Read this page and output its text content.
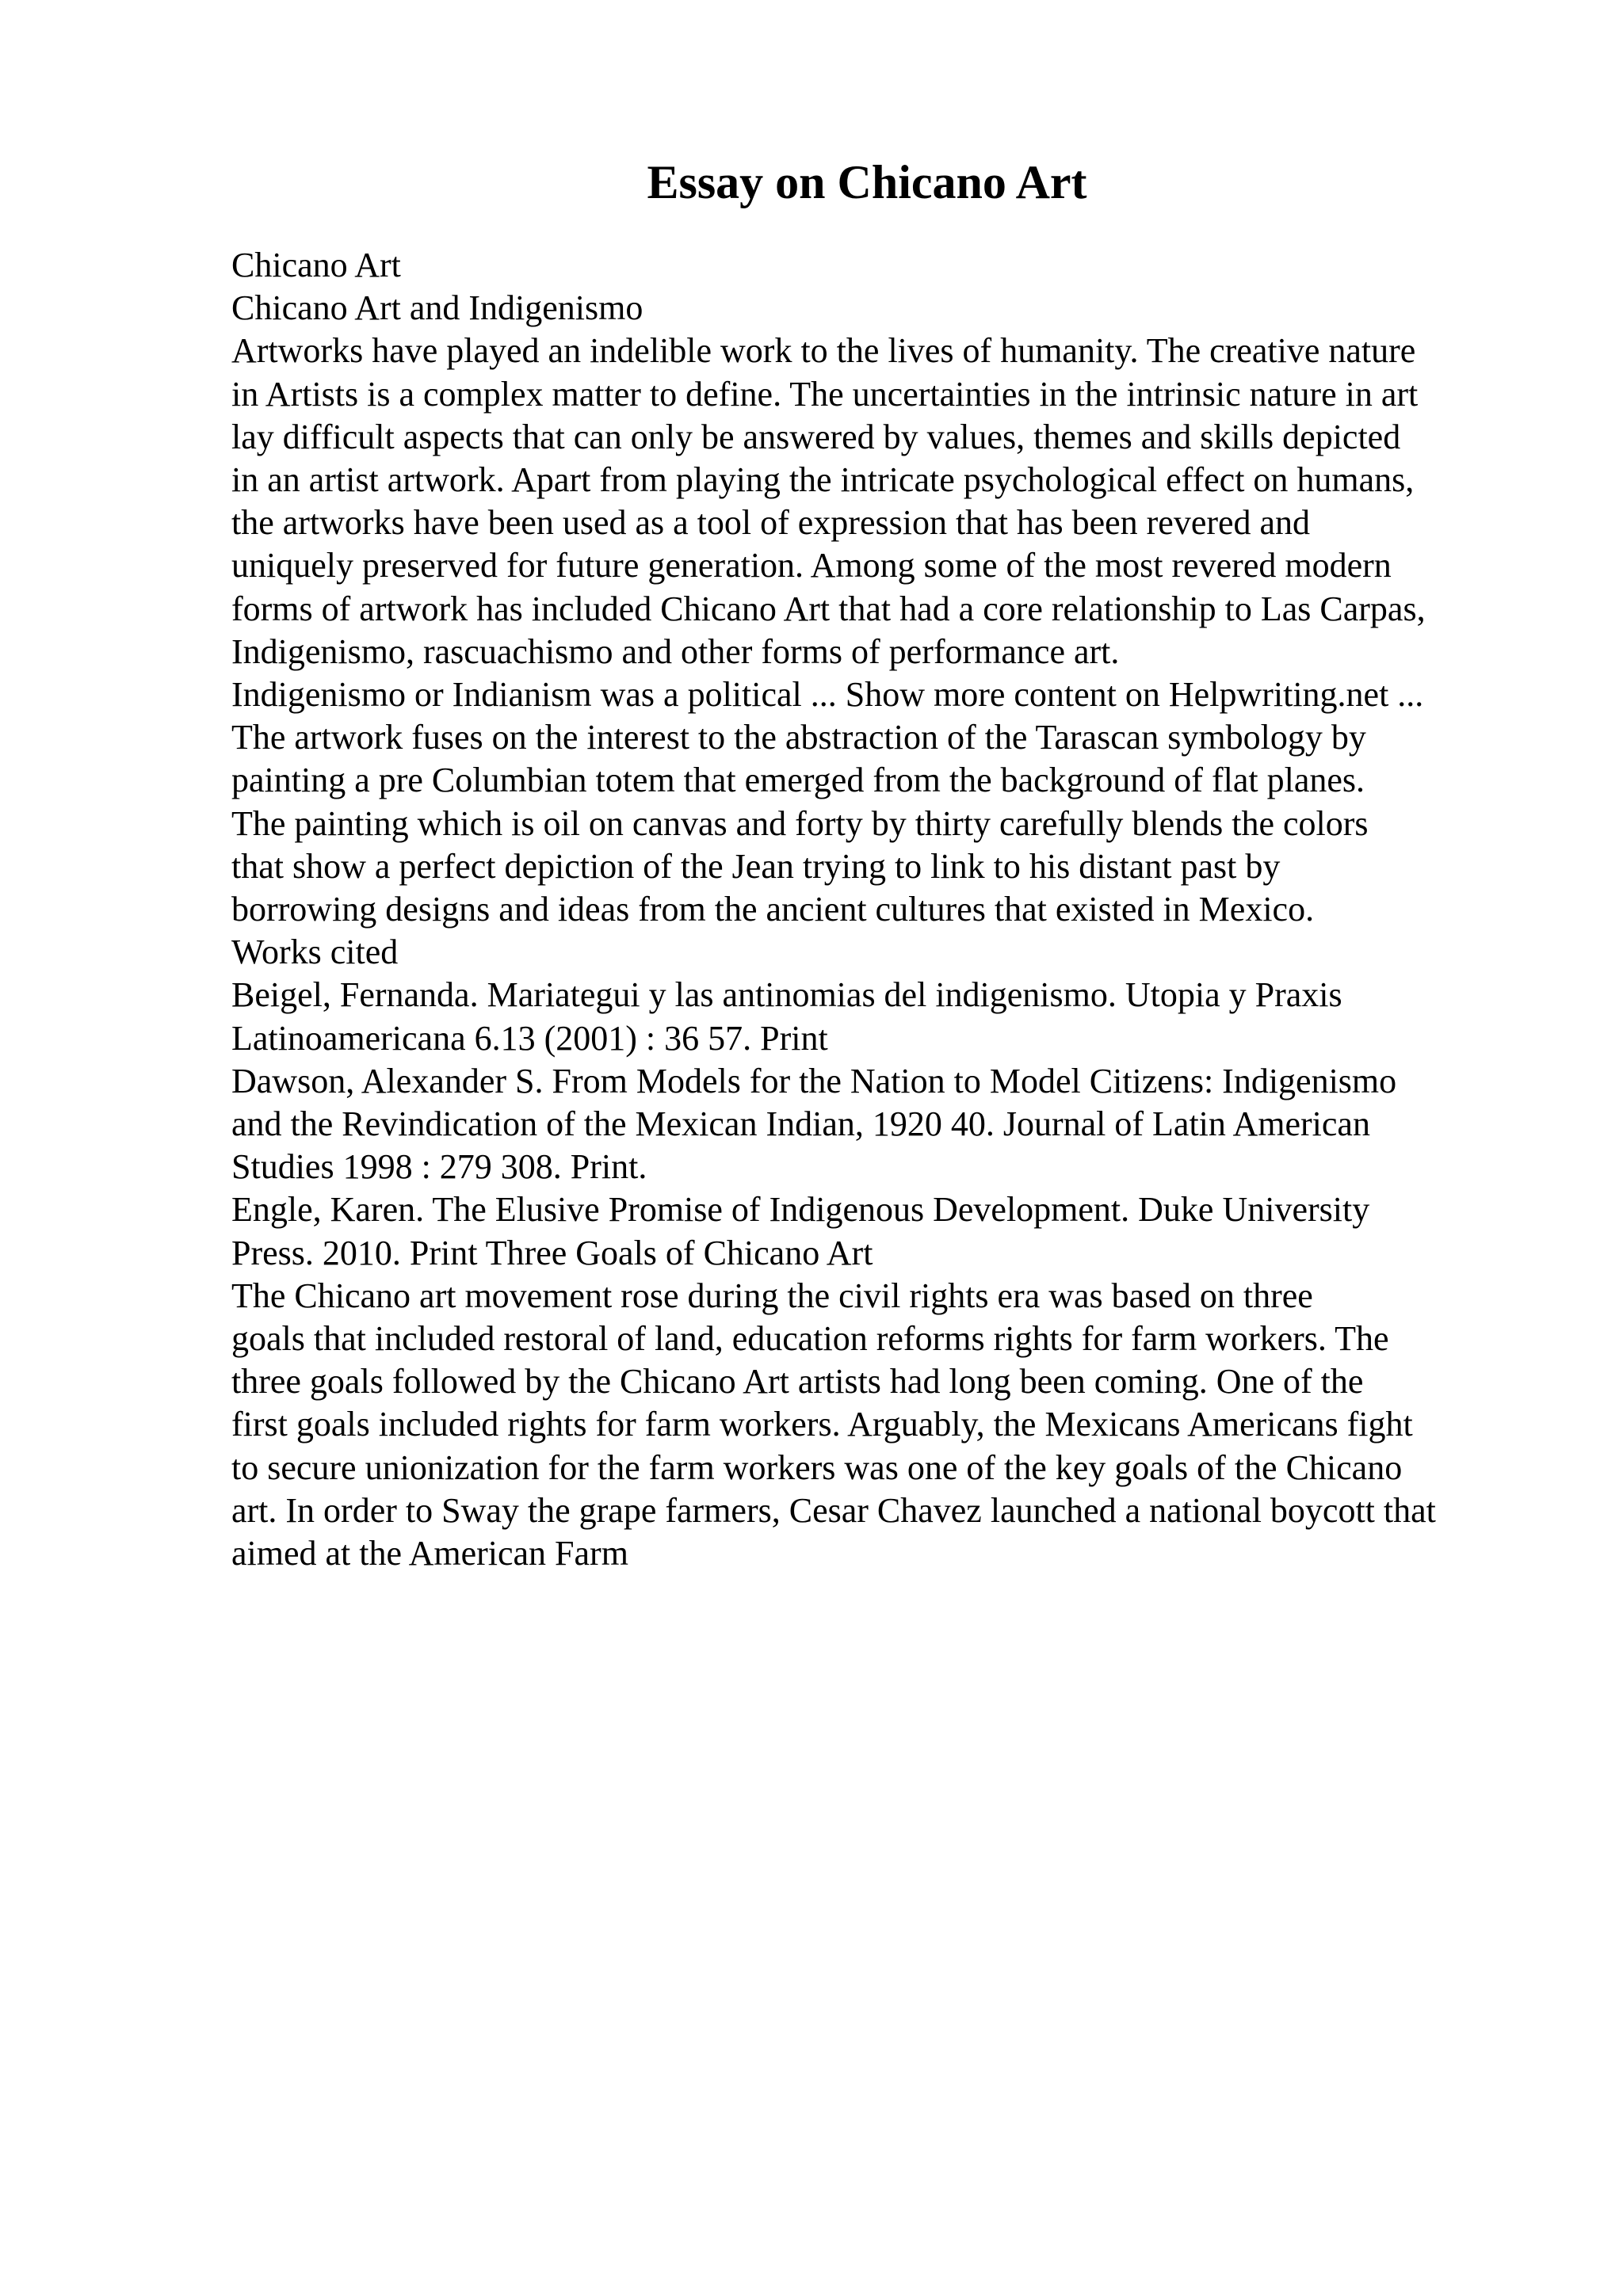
Essay on Chicano Art
Chicano Art
Chicano Art and Indigenismo
Artworks have played an indelible work to the lives of humanity. The creative nature
in Artists is a complex matter to define. The uncertainties in the intrinsic nature in art
lay difficult aspects that can only be answered by values, themes and skills depicted
in an artist artwork. Apart from playing the intricate psychological effect on humans,
the artworks have been used as a tool of expression that has been revered and
uniquely preserved for future generation. Among some of the most revered modern
forms of artwork has included Chicano Art that had a core relationship to Las Carpas,
Indigenismo, rascuachismo and other forms of performance art.
Indigenismo or Indianism was a political ... Show more content on Helpwriting.net ...
The artwork fuses on the interest to the abstraction of the Tarascan symbology by
painting a pre Columbian totem that emerged from the background of flat planes.
The painting which is oil on canvas and forty by thirty carefully blends the colors
that show a perfect depiction of the Jean trying to link to his distant past by
borrowing designs and ideas from the ancient cultures that existed in Mexico.
Works cited
Beigel, Fernanda. Mariategui y las antinomias del indigenismo. Utopia y Praxis
Latinoamericana 6.13 (2001) : 36 57. Print
Dawson, Alexander S. From Models for the Nation to Model Citizens: Indigenismo
and the Revindication of the Mexican Indian, 1920 40. Journal of Latin American
Studies 1998 : 279 308. Print.
Engle, Karen. The Elusive Promise of Indigenous Development. Duke University
Press. 2010. Print Three Goals of Chicano Art
The Chicano art movement rose during the civil rights era was based on three
goals that included restoral of land, education reforms rights for farm workers. The
three goals followed by the Chicano Art artists had long been coming. One of the
first goals included rights for farm workers. Arguably, the Mexicans Americans fight
to secure unionization for the farm workers was one of the key goals of the Chicano
art. In order to Sway the grape farmers, Cesar Chavez launched a national boycott that
aimed at the American Farm
